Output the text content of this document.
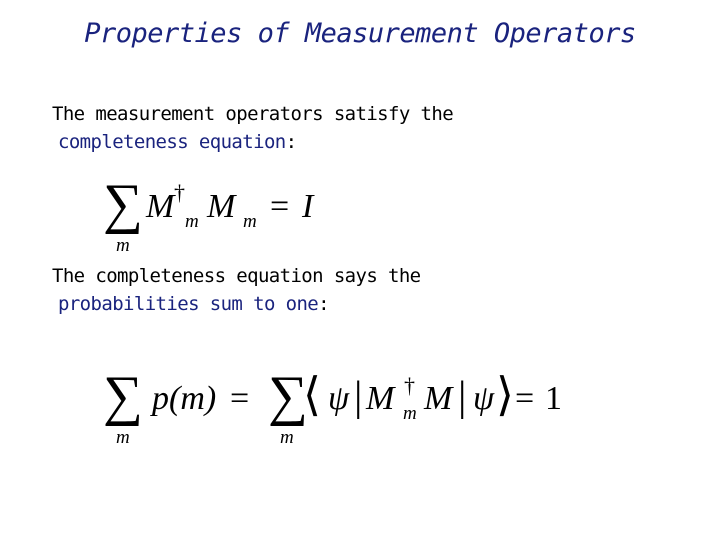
Properties of Measurement Operators
The measurement operators satisfy the
completeness equation:
∑
m
M †
m M m = I
The completeness equation says the
probabilities sum to one:
∑
m
p(m) = ∑
m
⟨ ψ | M †
m M | ψ ⟩ = 1
